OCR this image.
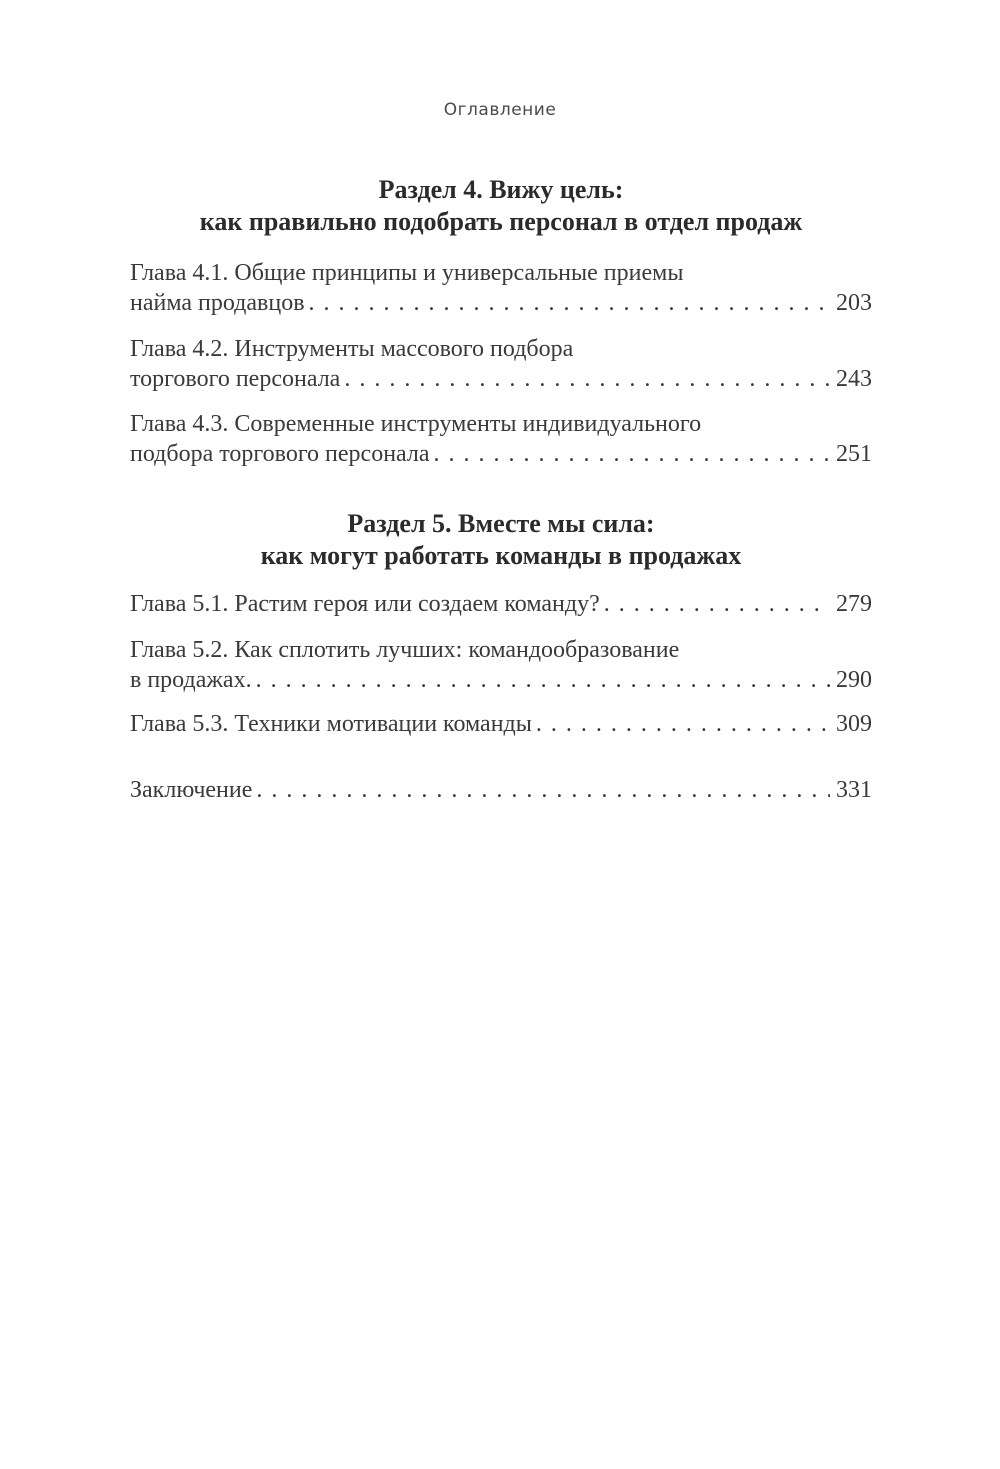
Оглавление
Раздел 4. Вижу цель:
как правильно подобрать персонал в отдел продаж
Глава 4.1. Общие принципы и универсальные приемы
найма продавцов . . .	203
Глава 4.2. Инструменты массового подбора
торгового персонала . . .	243
Глава 4.3. Современные инструменты индивидуального
подбора торгового персонала . . .	251
Раздел 5. Вместе мы сила:
как могут работать команды в продажах
Глава 5.1. Растим героя или создаем команду? . . .	279
Глава 5.2. Как сплотить лучших: командообразование
в продажах. . . .	290
Глава 5.3. Техники мотивации команды . . .	309
Заключение . . .	331
